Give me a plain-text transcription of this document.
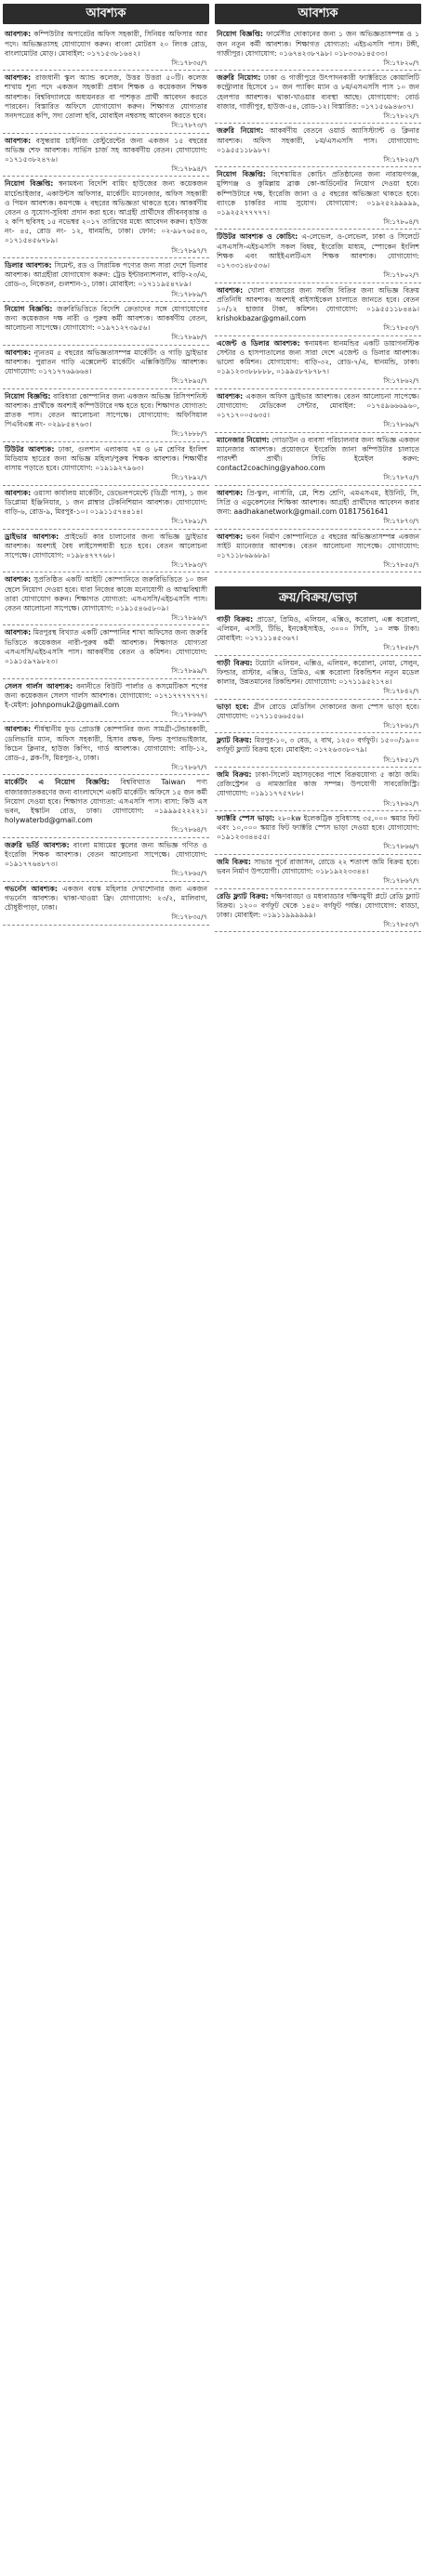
আবশ্যক
আবশ্যক: কম্পিউটার অপারেটর অফিস সহকারী, সিনিয়র অফিসার আর পদে। অভিজ্ঞতাসহ যোগাযোগ করুন। বাংলা মোটরস ২০ লিংক রোড, বাংলামোটর মোড়। মোবাইল: ০১৭১৫৩৮১৬৪২।
সি:১৭৮৩৫/৭
আবশ্যক: রাজধানী স্কুল অ্যান্ড কলেজ, উত্তর উত্তরা ৫০টি। কলেজ শাখায় শূন্য পদে একজন সহকারী প্রধান শিক্ষক ও কয়েকজন শিক্ষক আবশ্যক। বিশ্ববিদ্যালয়ে অধ্যয়নরত বা পাশকৃত প্রার্থী আবেদন করতে পারবেন। বিস্তারিত অফিসে যোগাযোগ করুন। শিক্ষাগত যোগ্যতার সনদপত্রের কপি, সদ্য তোলা ছবি, মোবাইল নম্বরসহ আবেদন করতে হবে।
সি:১৭৮৭৩/৭
আবশ্যক: বসুন্ধরায় চাইনিজ রেস্টুরেন্টের জন্য একজন ১৫ বছরের অভিজ্ঞ শেফ আবশ্যক। সার্ভিস চার্জ সহ আকর্ষণীয় বেতন। যোগাযোগ: ০১৭১৫৩৮২৪৭৬।
সি:১৭৮৯৪/৭
নিয়োগ বিজ্ঞপ্তি: স্বনামধন্য বিদেশি বায়িং হাউজের জন্য কয়েকজন মার্চেন্ডাইজার, একাউন্টস অফিসার, মার্কেটিং ম্যানেজার, অফিস সহকারী ও পিয়ন আবশ্যক। কমপক্ষে ২ বছরের অভিজ্ঞতা থাকতে হবে। আকর্ষণীয় বেতন ও সুযোগ-সুবিধা প্রদান করা হবে। আগ্রহী প্রার্থীদের জীবনবৃত্তান্ত ও ২ কপি ছবিসহ ১৫ নভেম্বর ২০১৭ তারিখের মধ্যে আবেদন করুন। হাউজ নং- ৪৫, রোড নং- ১২, ধানমন্ডি, ঢাকা। ফোন: ০২-৯৮৭৬৫৪৩, ০১৭১৫৪৫৬৭৮৯।
সি:১৭৮৯৭/৭
ডিলার আবশ্যক: সিমেন্ট, রড ও সিরামিক পণ্যের জন্য সারা দেশে ডিলার আবশ্যক। আগ্রহীরা যোগাযোগ করুন: ট্রেড ইন্টারন্যাশনাল, বাড়ি-২৩/এ, রোড-৩, নিকেতন, গুলশান-১, ঢাকা। মোবাইল: ০১৭১১৯৫৪৭৮৯।
সি:১৭৮৮৯/৭
নিয়োগ বিজ্ঞপ্তি: জরুরিভিত্তিতে বিদেশি ক্রেতাদের সঙ্গে যোগাযোগের জন্য কয়েকজন দক্ষ নারী ও পুরুষ কর্মী আবশ্যক। আকর্ষণীয় বেতন, আলোচনা সাপেক্ষে। যোগাযোগ: ০১৯৭১২৭৩৯৫৬।
সি:১৭৮৯৮/৭
আবশ্যক: ন্যূনতম ৫ বছরের অভিজ্ঞতাসম্পন্ন মার্কেটিং ও গাড়ি ড্রাইভার আবশ্যক। পুরাতন গাড়ি এক্সেলেন্ট মার্কেটিং এক্সিকিউটিভ আবশ্যক। যোগাযোগ: ০১৭১৭৭৬৯৬৬৪।
সি:১৭৮৯৫/৭
নিয়োগ বিজ্ঞপ্তি: বারিধারা কোম্পানির জন্য একজন অভিজ্ঞ রিসিপশনিস্ট আবশ্যক। প্রার্থীকে অবশ্যই কম্পিউটারে দক্ষ হতে হবে। শিক্ষাগত যোগ্যতা: স্নাতক পাস। বেতন আলোচনা সাপেক্ষে। যোগাযোগ: অফিসিয়াল পিএবিএক্স নং- ০২৯৮৫৪৭৬৩।
সি:১৭৮৮৮/৭
টিউটর আবশ্যক: ঢাকা, গুলশান এলাকায় ৭ম ও ৮ম শ্রেণির ইংলিশ মিডিয়াম ছাত্রের জন্য অভিজ্ঞ মহিলা/পুরুষ শিক্ষক আবশ্যক। শিক্ষার্থীর বাসায় পড়াতে হবে। যোগাযোগ: ০১৯১৯২৭৯৬৩।
সি:১৭৮৯২/৭
আবশ্যক: ওয়াসা কার্যালয় মার্কেটিং, ডেভেলপমেন্টে (ডিগ্রী পাস), ১ জন ডিপ্লোমা ইঞ্জিনিয়ার, ১ জন প্লাম্বার টেকনিশিয়ান আবশ্যক। যোগাযোগ: বাড়ি-৬, রোড-৯, মিরপুর-১০। ০১৯১১৫৭৪৪১৪।
সি:১৭৮৯১/৭
ড্রাইভার আবশ্যক: প্রাইভেট কার চালানোর জন্য অভিজ্ঞ ড্রাইভার আবশ্যক। অবশ্যই বৈধ লাইসেন্সধারী হতে হবে। বেতন আলোচনা সাপেক্ষে। যোগাযোগ: ০১৯৮৪৭৭৭৬৮।
সি:১৭৮৯৩/৭
আবশ্যক: সুপ্রতিষ্ঠিত একটি আইটি কোম্পানিতে জরুরিভিত্তিতে ১০ জন ছেলে নিয়োগ দেওয়া হবে। যারা নিজের কাজে মনোযোগী ও আত্মবিশ্বাসী তারা যোগাযোগ করুন। শিক্ষাগত যোগ্যতা: এসএসসি/এইচএসসি পাস। বেতন আলোচনা সাপেক্ষে। যোগাযোগ: ০১৯১৫৪৬৫৮০৯।
সি:১৭৮৯৬/৭
আবশ্যক: মিরপুরস্থ বিখ্যাত একটি কোম্পানির শাখা অফিসের জন্য জরুরি ভিত্তিতে কয়েকজন নারী-পুরুষ কর্মী আবশ্যক। শিক্ষাগত যোগ্যতা এসএসসি/এইচএসসি পাস। আকর্ষণীয় বেতন ও কমিশন। যোগাযোগ: ০১৯১৫৯৭৯৮২৩।
সি:১৭৮৯৯/৭
সেলস গার্লস আবশ্যক: বনানীতে বিউটি পার্লার ও কসমেটিকস শপের জন্য কয়েকজন সেলস গার্লস আবশ্যক। যোগাযোগ: ০১৭১৭৭৭৭৭৭৭। ই-মেইল: johnpomuk2@gmail.com
সি:১৭৮৬৬/৭
আবশ্যক: শীর্ষস্থানীয় ফুড প্রোডাক্ট কোম্পানির জন্য সামগ্রী-টেন্ডারকারী, ডেলিভারি ম্যান, অফিস সহকারী, হিসাব রক্ষক, ফিল্ড সুপারভাইজার, কিচেন ক্লিনার, হাউজ কিপিং, গার্ড আবশ্যক। যোগাযোগ: বাড়ি-১২, রোড-৫, ব্লক-সি, মিরপুর-২, ঢাকা।
সি:১৭৮৬৭/৭
মার্কেটিং এ নিয়োগ বিজ্ঞপ্তি: বিশ্ববিখ্যাত Taiwan পণ্য বাজারজাতকরণের জন্য বাংলাদেশে একটি মার্কেটিং অফিসে ১৫ জন কর্মী নিয়োগ দেওয়া হবে। শিক্ষাগত যোগ্যতা: এসএসসি পাস। বাসা: কিউ এস ভবন, ইস্কাটন রোড, ঢাকা। যোগাযোগ: ০১৯৯৯৫২২২২১। holywaterbd@gmail.com
সি:১৭৮৬৪/৭
জরুরি ভর্তি আবশ্যক: বাংলা মাধ্যমের স্কুলের জন্য অভিজ্ঞ গণিত ও ইংরেজি শিক্ষক আবশ্যক। বেতন আলোচনা সাপেক্ষে। যোগাযোগ: ০১৯১৭৭৬৪৮৭৩।
সি:১৭৮৬৫/৭
গভর্নেস আবশ্যক: একজন বয়স্ক মহিলার দেখাশোনার জন্য একজন গভর্নেস আবশ্যক। থাকা-খাওয়া ফ্রি। যোগাযোগ: ২৩/২, মালিবাগ, চৌধুরীপাড়া, ঢাকা।
সি:১৭৮৩৫/৭
আবশ্যক
নিয়োগ বিজ্ঞপ্তি: ফার্মেসীর দোকানের জন্য ১ জন অভিজ্ঞতাসম্পন্ন ও ১ জন নতুন কর্মী আবশ্যক। শিক্ষাগত যোগ্যতা: এইচএসসি পাস। টঙ্গী, গাজীপুর। যোগাযোগ: ০১৬৭৪২৩৮৭৯৮। ০১৮৩৩৬১৪৫৩৩।
সি:১৭৮২০/৭
জরুরি নিয়োগ: ঢাকা ও গাজীপুরে উৎপাদনকারী ফ্যাক্টরিতে কোয়ালিটি কন্ট্রোলার হিসেবে ১০ জন প্যাকিং ম্যান ও ৮ম/এসএসসি পাস ১০ জন হেলপার আবশ্যক। থাকা-খাওয়ার ব্যবস্থা আছে। যোগাযোগ: বোর্ড বাজার, গাজীপুর, হাউজ-৫৪, রোড-১২। বিস্তারিত: ০১৭১৫৬৯৪৬৩৭।
সি:১৭৮২২/৭
জরুরি নিয়োগ: আকর্ষণীয় বেতনে ওয়ার্ড অ্যাসিস্ট্যান্ট ও ক্লিনার আবশ্যক। অফিস সহকারী, ৮ম/এসএসসি পাস। যোগাযোগ: ০১৯৫৫১১৮৯৮৭।
সি:১৭৮২৫/৭
নিয়োগ বিজ্ঞপ্তি: বিশেষায়িত কোচিং প্রতিষ্ঠানের জন্য নারায়ণগঞ্জ, মুন্সিগঞ্জ ও কুমিল্লায় ব্রাঞ্চ কো-অর্ডিনেটর নিয়োগ দেওয়া হবে। কম্পিউটারে দক্ষ, ইংরেজি জানা ও ৫ বছরের অভিজ্ঞতা থাকতে হবে। ব্যাংকে চাকরির ন্যায় সুযোগ। যোগাযোগ: ০১৯২৫২৯৯৯৯৯, ০১৯২৫২৭৭৭৭৭।
সি:১৭৮০৪/৭
টিউটর আবশ্যক ও কোচিং: এ-লেভেল, ও-লেভেল, ঢাকা ও সিলেটে এসএসসি-এইচএসসি সকল বিষয়, ইংরেজি মাধ্যম, স্পোকেন ইংলিশ শিক্ষক এবং আইইএলটিএস শিক্ষক আবশ্যক। যোগাযোগ: ০১৭৩৩১৪৮৫৩৬।
সি:১৭৮০২/৭
আবশ্যক: খোলা বাজারের জন্য সবজি বিক্রির জন্য অভিজ্ঞ বিক্রয় প্রতিনিধি আবশ্যক। অবশ্যই বাইসাইকেল চালাতে জানতে হবে। বেতন ১০/১২ হাজার টাকা, কমিশন। যোগাযোগ: ০১৯৫৫১১৮৪৪৯। krishokbazar@gmail.com
সি:১৭৮৫৩/৭
এজেন্ট ও ডিলার আবশ্যক: স্বনামধন্য ধানমন্ডির একটি ডায়াগনস্টিক সেন্টার ও হাসপাতালের জন্য সারা দেশে এজেন্ট ও ডিলার আবশ্যক। ভালো কমিশন। যোগাযোগ: বাড়ি-৩২, রোড-৭/এ, ধানমন্ডি, ঢাকা। ০১৯১২৩৩৮৮৮৮৮, ০১৯৯৫৮৭৮৭৮৭।
সি:১৭৮৬২/৭
আবশ্যক: একজন অফিস ড্রাইভার আবশ্যক। বেতন আলোচনা সাপেক্ষে। যোগাযোগ: মেডিকেল সেন্টার, মোবাইল: ০১৭৫৯৬৬৬৯৬০, ০১৭১৭০০৫৬৩৫।
সি:১৭৮৬৯/৭
ম্যানেজার নিয়োগ: গোডাউন ও ব্যবসা পরিচালনার জন্য অভিজ্ঞ একজন ম্যানেজার আবশ্যক। প্রয়োজনে ইংরেজি জানা কম্পিউটার চালাতে পারদর্শী প্রার্থী। সিভি ইমেইল করুন: contact2coaching@yahoo.com
সি:১৭৮৭৫/৭
আবশ্যক: প্রি-স্কুল, নার্সারি, প্লে, শিশু শ্রেণি, এমএসএম, ইউনিট, সি, সিপ্রি ও এডুকেশনের শিক্ষিকা আবশ্যক। আগ্রহী প্রার্থীদের আবেদন করার জন্য: aadhakanetwork@gmail.com 01817561641
সি:১৭৮৭৩/৭
আবশ্যক: ভবন নির্মাণ কোম্পানিতে ৫ বছরের অভিজ্ঞতাসম্পন্ন একজন সাইট ম্যানেজার আবশ্যক। বেতন আলোচনা সাপেক্ষে। যোগাযোগ: ০১৭১১৮৬৯৬৮৯।
সি:১৭৮৫৫/৭
ক্রয়/বিক্রয়/ভাড়া
গাড়ী বিক্রয়: প্রাডো, প্রিমিও, এলিয়ন, এক্সিও, করোলা, এক্স করোলা, এলিয়ন, এসটি, টিভি, ইনকেইসাইড, ৩০০০ সিসি, ১০ লক্ষ টাকা। মোবাইল: ০১৭১১১৪৫৩৬৭।
সি:১৭৮৫৮/৭
গাড়ী বিক্রয়: টয়োটা এলিয়ন, এক্সিও, এলিয়ন, করোলা, নোয়া, সেলুন, ফিল্ডার, রাস্টার, এক্সিও, প্রিমিও, এক্স করোলা রিকন্ডিশন নতুন মডেল কালার, উন্নতমানের রিকন্ডিশন। যোগাযোগ: ০১৭১১৯৫২১৭৪।
সি:১৭৮৪২/৭
ভাড়া হবে: গ্রীন রোডে মেডিসিন দোকানের জন্য স্পেস ভাড়া হবে। যোগাযোগ: ০১৭১১৫৬৬৫৫৬।
সি:১৭৮৬১/৭
ফ্ল্যাট বিক্রয়: মিরপুর-১০, ৩ বেড, ২ বাথ, ১২৫০ বর্গফুট। ১৫০০/১৯০০ বর্গফুট ফ্ল্যাট বিক্রয় হবে। মোবাইল: ০১৭২৬৩৩৮০৭৯।
সি:১৭৮৫১/৭
জমি বিক্রয়: ঢাকা-সিলেট মহাসড়কের পাশে বিক্রয়যোগ্য ৫ কাঠা জমি। রেজিস্ট্রেশন ও নামজারির কাজ সম্পন্ন। উপযোগী সাবরেজিস্ট্রি। যোগাযোগ: ০১৯১১৭৭৫৭৮৮।
সি:১৭৮৬২/৭
ফ্যাক্টরি স্পেস ভাড়া: ২৮০kw ইলেকট্রিক সুবিধাসহ ৩৫,০০০ স্কয়ার ফিট এবং ১০,০০০ স্কয়ার ফিট ফ্যাক্টরি স্পেস ভাড়া দেওয়া হবে। যোগাযোগ: ০১৯১২৩৩৪৪৫৫।
সি:১৭৮৬৬/৭
জমি বিক্রয়: সাভার পূর্বে রাজাসন, রোডে ২২ শতাংশ জমি বিক্রয় হবে। ভবন নির্মাণ উপযোগী। যোগাযোগ: ০১৮১৯২২৩৩৪৪।
সি:১৭৮৬৭/৭
রেডি ফ্ল্যাট বিক্রয়: দক্ষিণবাড্ডা ও মধ্যবাড্ডার দক্ষিণমুখী প্লটে রেডি ফ্ল্যাট বিক্রয়। ১২০০ বর্গফুট থেকে ১৪৫০ বর্গফুট পর্যন্ত। যোগাযোগ: বাড্ডা, ঢাকা। মোবাইল: ০১৯১১৯৯৯৯৯৯।
সি:১৭৮৫৩/৭
